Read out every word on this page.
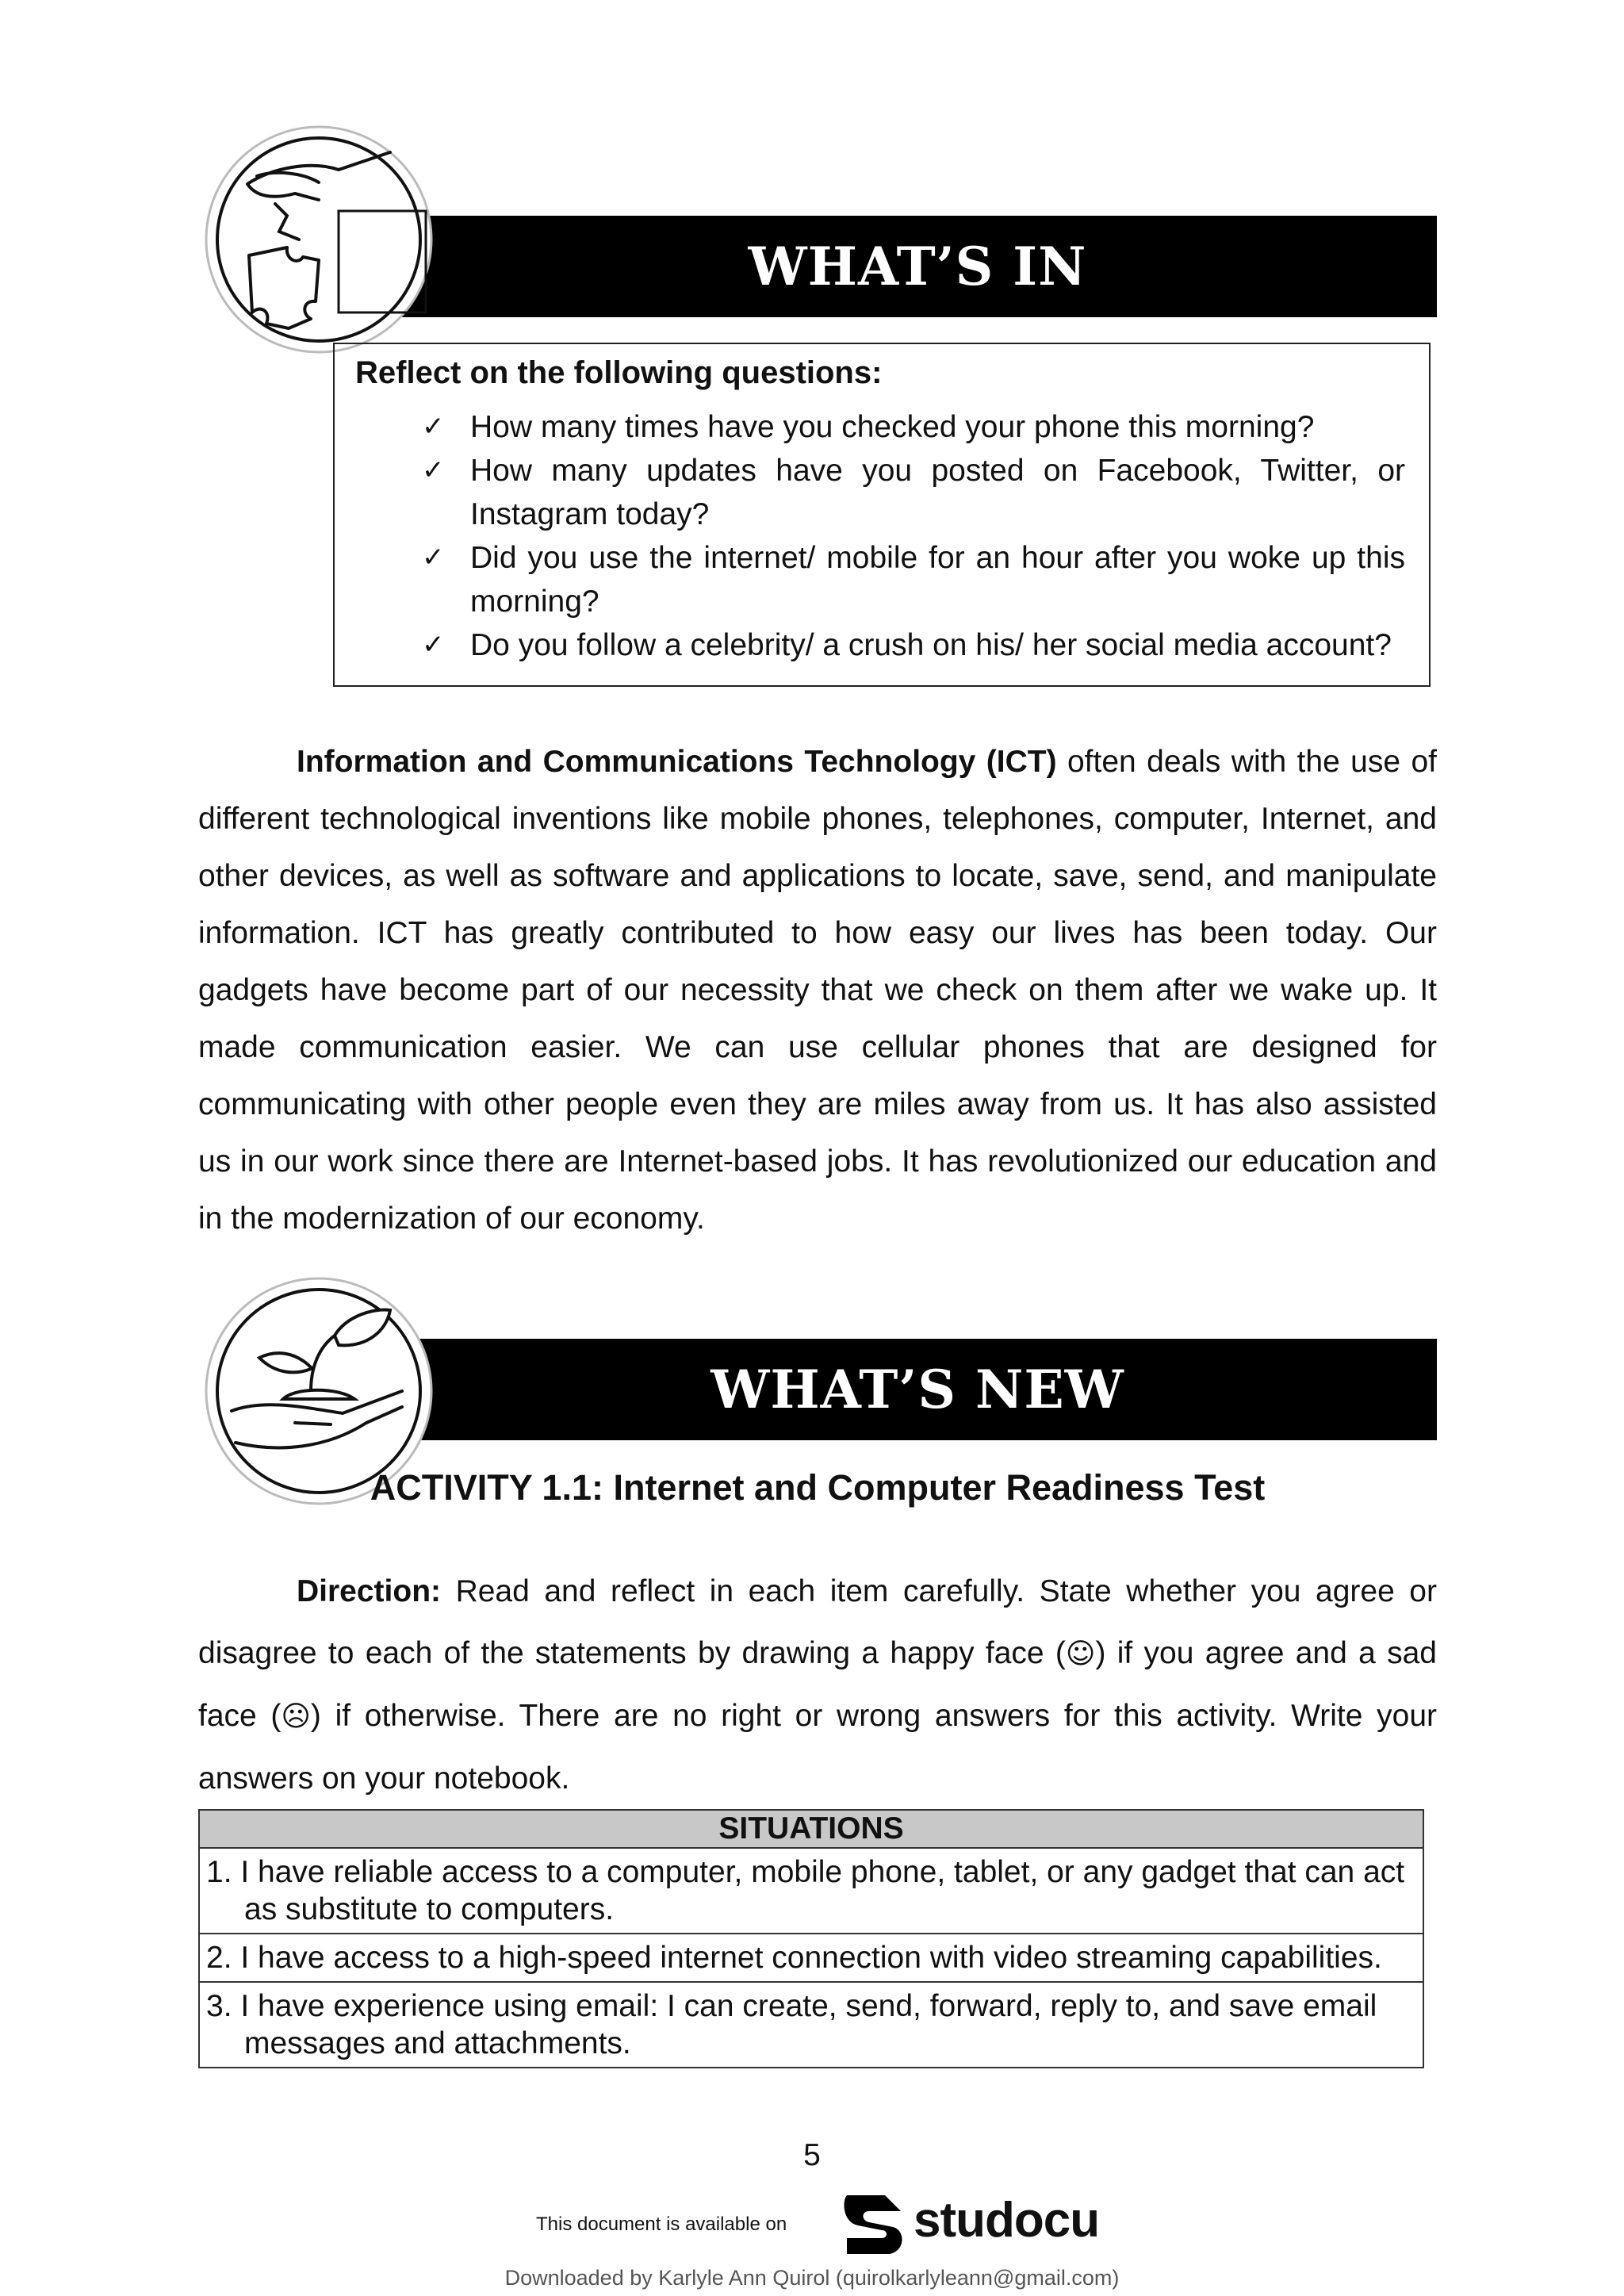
WHAT’S IN
Reflect on the following questions:
✓ How many times have you checked your phone this morning?
✓ How many updates have you posted on Facebook, Twitter, or Instagram today?
✓ Did you use the internet/ mobile for an hour after you woke up this morning?
✓ Do you follow a celebrity/ a crush on his/ her social media account?

Information and Communications Technology (ICT) often deals with the use of different technological inventions like mobile phones, telephones, computer, Internet, and other devices, as well as software and applications to locate, save, send, and manipulate information. ICT has greatly contributed to how easy our lives has been today. Our gadgets have become part of our necessity that we check on them after we wake up. It made communication easier. We can use cellular phones that are designed for communicating with other people even they are miles away from us. It has also assisted us in our work since there are Internet-based jobs. It has revolutionized our education and in the modernization of our economy.

WHAT’S NEW
ACTIVITY 1.1: Internet and Computer Readiness Test

Direction: Read and reflect in each item carefully. State whether you agree or disagree to each of the statements by drawing a happy face (☺) if you agree and a sad face (☹) if otherwise. There are no right or wrong answers for this activity. Write your answers on your notebook.

SITUATIONS
1. I have reliable access to a computer, mobile phone, tablet, or any gadget that can act as substitute to computers.
2. I have access to a high-speed internet connection with video streaming capabilities.
3. I have experience using email: I can create, send, forward, reply to, and save email messages and attachments.
5
This document is available on	studocu
Downloaded by Karlyle Ann Quirol (quirolkarlyleann@gmail.com)
